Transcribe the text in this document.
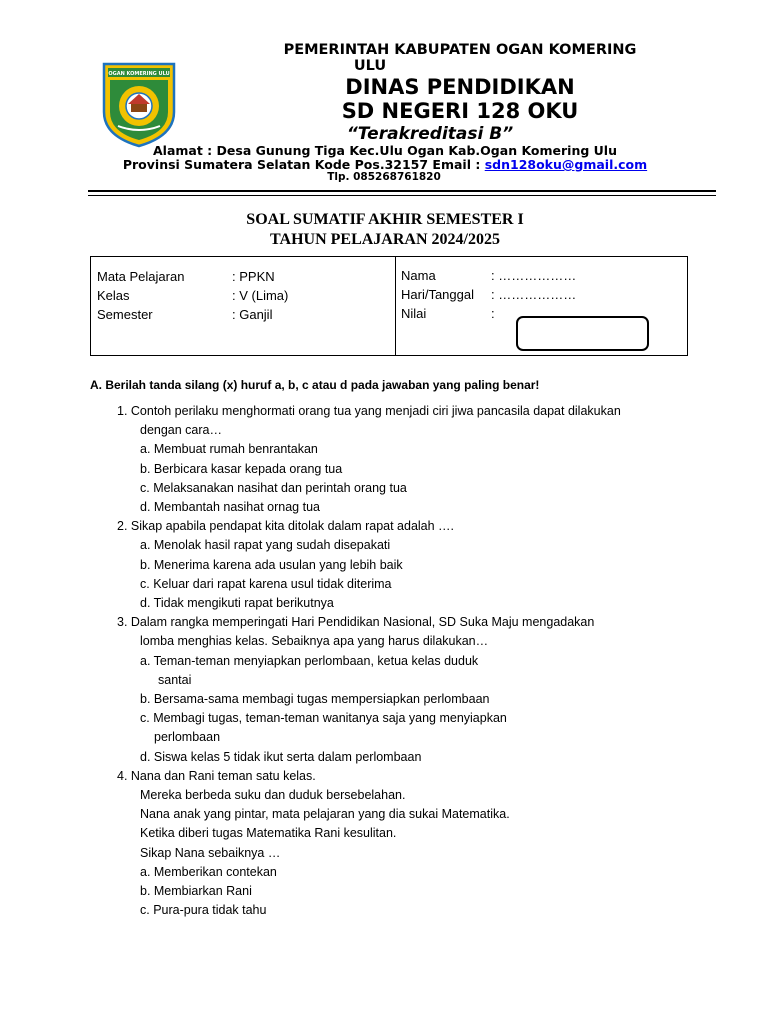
OGAN KOMERING ULU
PEMERINTAH KABUPATEN OGAN KOMERING
ULU
DINAS PENDIDIKAN
SD NEGERI 128 OKU
“Terakreditasi B”
Alamat : Desa Gunung Tiga Kec.Ulu Ogan Kab.Ogan Komering Ulu
Provinsi Sumatera Selatan Kode Pos.32157 Email : sdn128oku@gmail.com
Tlp. 085268761820
SOAL SUMATIF AKHIR SEMESTER I
TAHUN PELAJARAN 2024/2025
Mata Pelajaran	: PPKN
Kelas	: V (Lima)
Semester	: Ganjil
Nama	: ………………
Hari/Tanggal : ………………
Nilai	:
A. Berilah tanda silang (x) huruf a, b, c atau d pada jawaban yang paling benar!
1. Contoh perilaku menghormati orang tua yang menjadi ciri jiwa pancasila dapat dilakukan
dengan cara…
a. Membuat rumah benrantakan
b. Berbicara kasar kepada orang tua
c. Melaksanakan nasihat dan perintah orang tua
d. Membantah nasihat ornag tua
2. Sikap apabila pendapat kita ditolak dalam rapat adalah ….
a. Menolak hasil rapat yang sudah disepakati
b. Menerima karena ada usulan yang lebih baik
c. Keluar dari rapat karena usul tidak diterima
d. Tidak mengikuti rapat berikutnya
3. Dalam rangka memperingati Hari Pendidikan Nasional, SD Suka Maju mengadakan
lomba menghias kelas. Sebaiknya apa yang harus dilakukan…
a. Teman-teman menyiapkan perlombaan, ketua kelas duduk
santai
b. Bersama-sama membagi tugas mempersiapkan perlombaan
c. Membagi tugas, teman-teman wanitanya saja yang menyiapkan
perlombaan
d. Siswa kelas 5 tidak ikut serta dalam perlombaan
4. Nana dan Rani teman satu kelas.
Mereka berbeda suku dan duduk bersebelahan.
Nana anak yang pintar, mata pelajaran yang dia sukai Matematika.
Ketika diberi tugas Matematika Rani kesulitan.
Sikap Nana sebaiknya …
a. Memberikan contekan
b. Membiarkan Rani
c. Pura-pura tidak tahu
